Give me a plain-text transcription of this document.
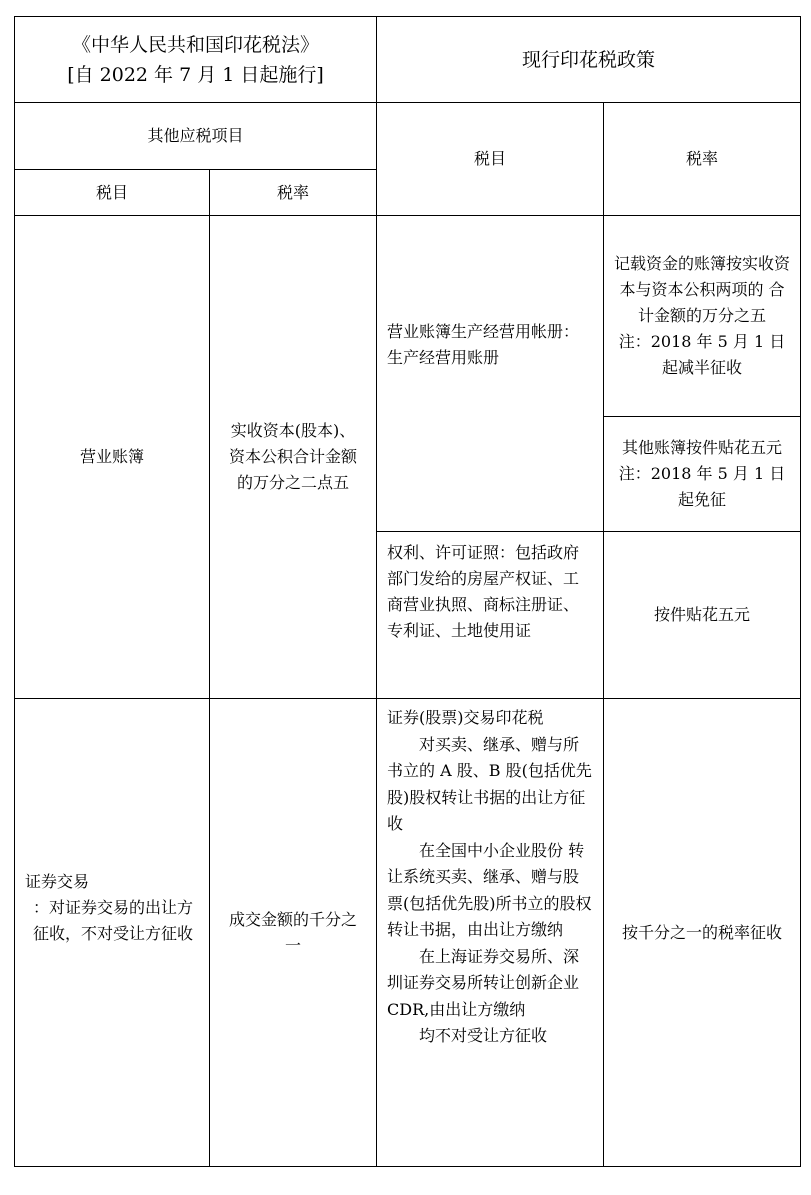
《中华人民共和国印花税法》
[自 2022 年 7 月 1 日起施行]
现行印花税政策
其他应税项目
税目	税率
税目	税率
营业账簿
实收资本(股本)、资本公积合计金额 的万分之二点五
营业账簿生产经营用帐册：生产经营用账册
记载资金的账簿按实收资本与资本公积两项的 合计金额的万分之五
注：2018 年 5 月 1 日起减半征收
其他账簿按件贴花五元 注：2018 年 5 月 1 日起免征
权利、许可证照：包括政府部门发给的房屋产权证、工商营业执照、商标注册证、 专利证、土地使用证
按件贴花五元
证券交易
：对证券交易的出让方征收，不对受让方征收
成交金额的千分之一

证券(股票)交易印花税

对买卖、继承、赠与所书立的 A 股、B 股(包括优先股)股权转让书据的出让方征收

在全国中小企业股份 转让系统买卖、继承、赠与股票(包括优先股)所书立的股权转让书据，由出让方缴纳

在上海证券交易所、深 圳证券交易所转让创新企业 CDR,由出让方缴纳

均不对受让方征收

按千分之一的税率征收
